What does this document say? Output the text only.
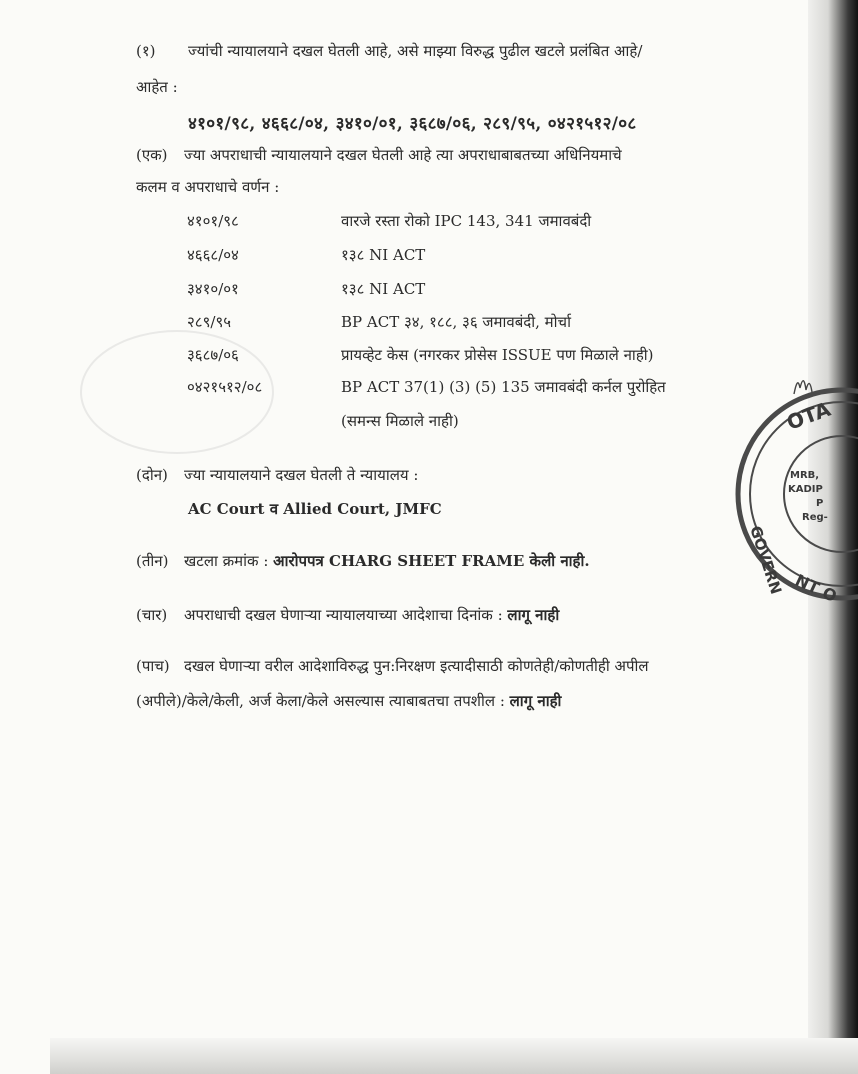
(१) ज्यांची न्यायालयाने दखल घेतली आहे, असे माझ्या विरुद्ध पुढील खटले प्रलंबित आहे/
आहेत :
४१०१/९८, ४६६८/०४, ३४१०/०१, ३६८७/०६, २८९/९५, ०४२१५१२/०८
(एक) ज्या अपराधाची न्यायालयाने दखल घेतली आहे त्या अपराधाबाबतच्या अधिनियमाचे
कलम व अपराधाचे वर्णन :
४१०१/९८	वारजे रस्ता रोको IPC 143, 341 जमावबंदी
४६६८/०४	१३८ NI ACT
३४१०/०१	१३८ NI ACT
२८९/९५	BP ACT ३४, १८८, ३६ जमावबंदी, मोर्चा
३६८७/०६	प्रायव्हेट केस (नगरकर प्रोसेस ISSUE पण मिळाले नाही)
०४२१५१२/०८	BP ACT 37(1) (3) (5) 135 जमावबंदी कर्नल पुरोहित
(समन्स मिळाले नाही)
(दोन) ज्या न्यायालयाने दखल घेतली ते न्यायालय :
AC Court व Allied Court, JMFC
(तीन) खटला क्रमांक : आरोपपत्र CHARG SHEET FRAME केली नाही.
(चार) अपराधाची दखल घेणाऱ्या न्यायालयाच्या आदेशाचा दिनांक : लागू नाही
(पाच) दखल घेणाऱ्या वरील आदेशाविरुद्ध पुन:निरक्षण इत्यादीसाठी कोणतेही/कोणतीही अपील
(अपीले)/केले/केली, अर्ज केला/केले असल्यास त्याबाबतचा तपशील : लागू नाही
OTA
GOVERN NT O
MRB,
KADIP
P
Reg-
